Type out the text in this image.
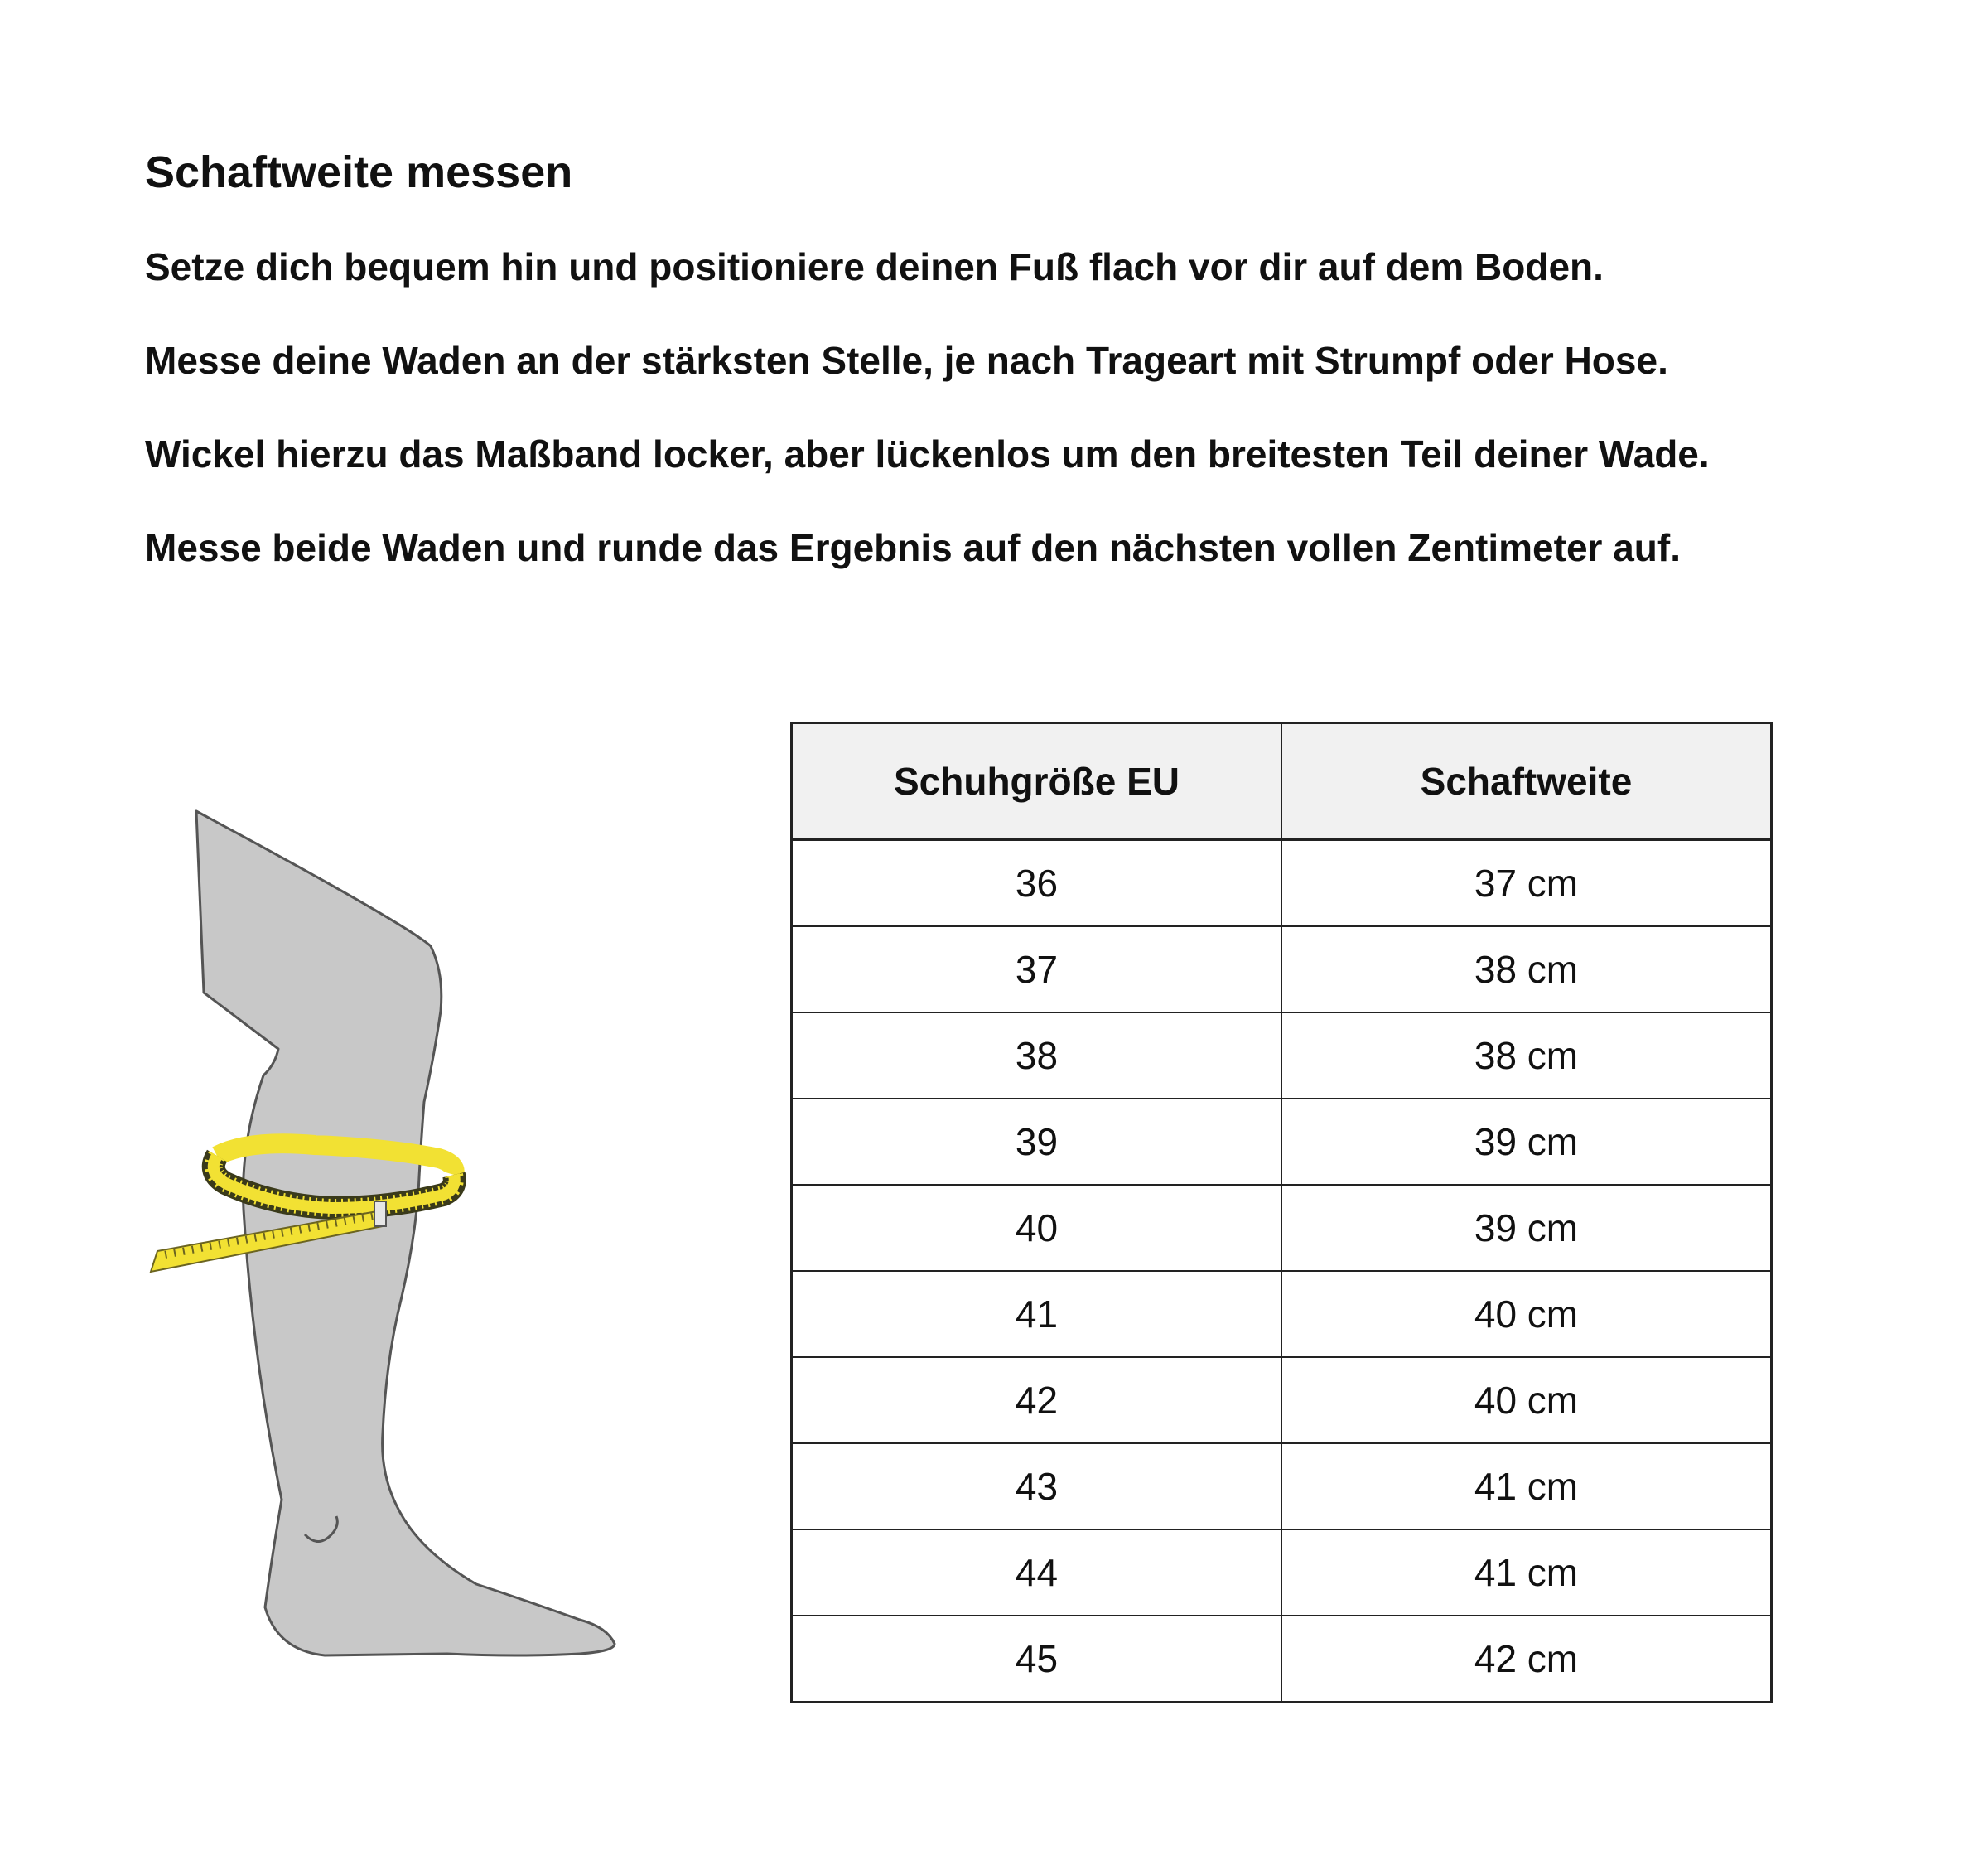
Schaftweite messen
Setze dich bequem hin und positioniere deinen Fuß flach vor dir auf dem Boden.
Messe deine Waden an der stärksten Stelle, je nach Trageart mit Strumpf oder Hose.
Wickel hierzu das Maßband locker, aber lückenlos um den breitesten Teil deiner Wade.
Messe beide Waden und runde das Ergebnis auf den nächsten vollen Zentimeter auf.
Schuhgröße EU	Schaftweite
36	37 cm
37	38 cm
38	38 cm
39	39 cm
40	39 cm
41	40 cm
42	40 cm
43	41 cm
44	41 cm
45	42 cm
